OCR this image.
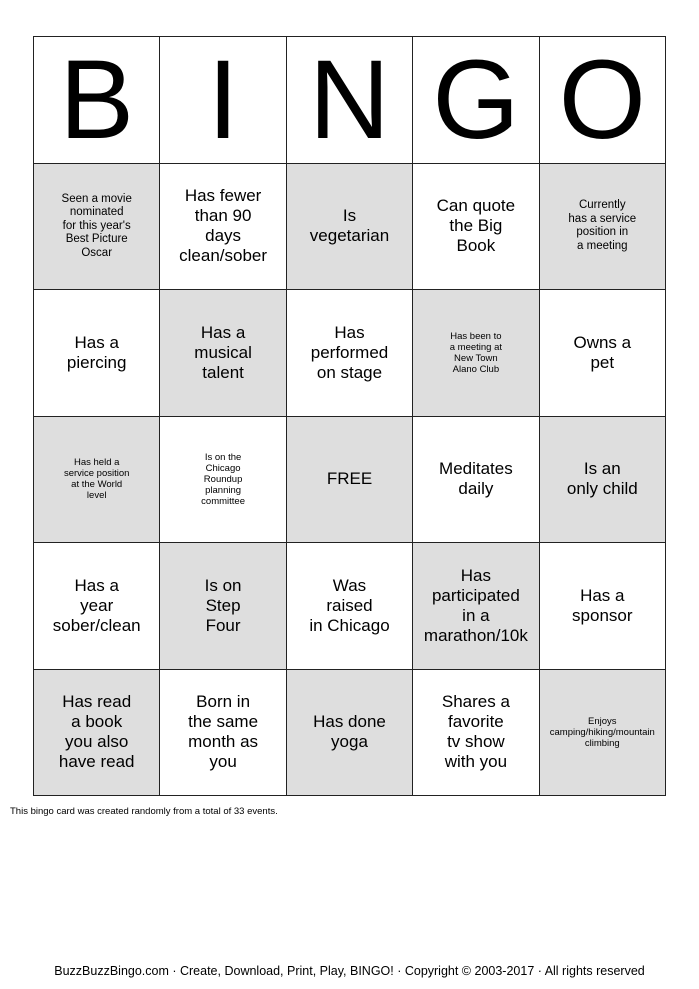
B I N G O
Seen a movie
nominated
for this year's
Best Picture
Oscar
Has fewer
than 90
days
clean/sober
Is
vegetarian
Can quote
the Big
Book
Currently
has a service
position in
a meeting
Has a
piercing
Has a
musical
talent
Has
performed
on stage
Has been to
a meeting at
New Town
Alano Club
Owns a
pet
Has held a
service position
at the World
level
Is on the
Chicago
Roundup
planning
committee
FREE
Meditates
daily
Is an
only child
Has a
year
sober/clean
Is on
Step
Four
Was
raised
in Chicago
Has
participated
in a
marathon/10k
Has a
sponsor
Has read
a book
you also
have read
Born in
the same
month as
you
Has done
yoga
Shares a
favorite
tv show
with you
Enjoys
camping/hiking/mountain
climbing
This bingo card was created randomly from a total of 33 events.
BuzzBuzzBingo.com · Create, Download, Print, Play, BINGO! · Copyright © 2003-2017 · All rights reserved
